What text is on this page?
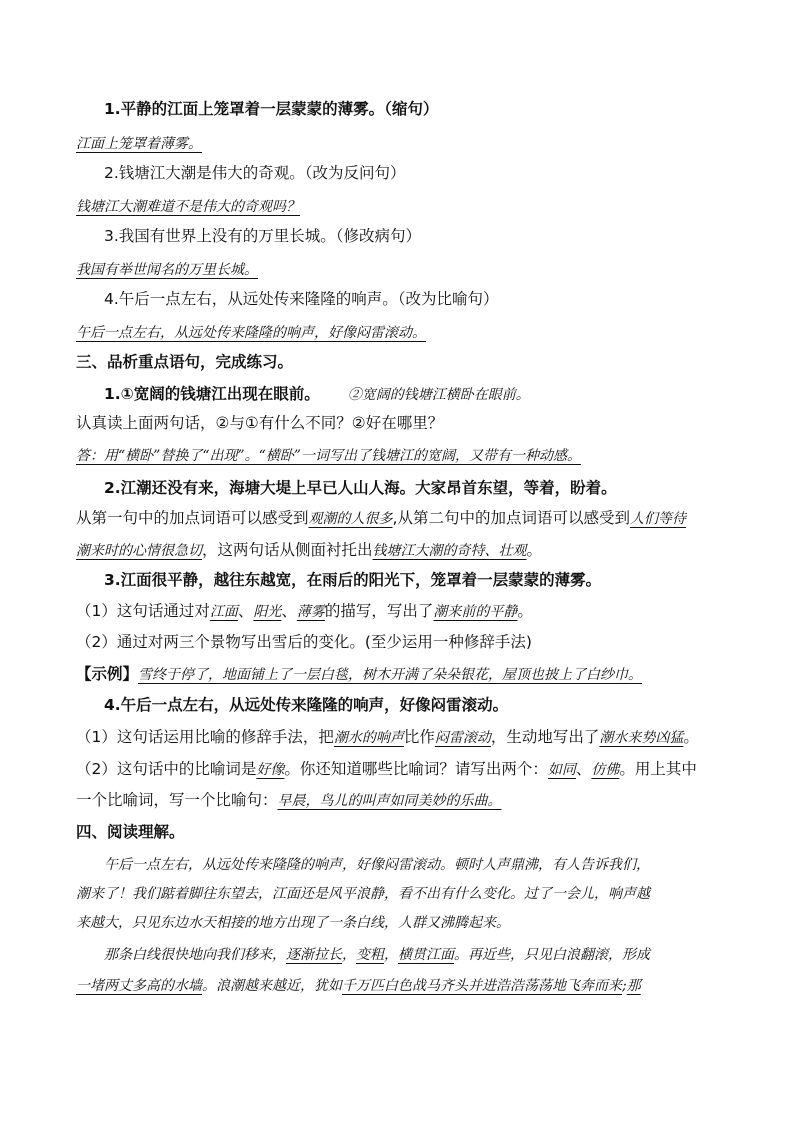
1.平静的江面上笼罩着一层蒙蒙的薄雾。（缩句）
江面上笼罩着薄雾。
2.钱塘江大潮是伟大的奇观。（改为反问句）
钱塘江大潮难道不是伟大的奇观吗？
3.我国有世界上没有的万里长城。（修改病句）
我国有举世闻名的万里长城。
4.午后一点左右，从远处传来隆隆的响声。（改为比喻句）
午后一点左右，从远处传来隆隆的响声，好像闷雷滚动。
三、品析重点语句，完成练习。
1.①宽阔的钱塘江出现在眼前。 ②宽阔的钱塘江横卧在眼前。
认真读上面两句话，②与①有什么不同？②好在哪里？
答：用“横卧”替换了“出现”。“横卧”一词写出了钱塘江的宽阔，又带有一种动感。
2.江潮还没有来，海塘大堤上早已人山人海。大家昂首东望，等着，盼着。
从第一句中的加点词语可以感受到观潮的人很多,从第二句中的加点词语可以感受到人们等待
潮来时的心情很急切，这两句话从侧面衬托出钱塘江大潮的奇特、壮观。
3.江面很平静，越往东越宽，在雨后的阳光下，笼罩着一层蒙蒙的薄雾。
（1）这句话通过对江面、阳光、薄雾的描写，写出了潮来前的平静。
（2）通过对两三个景物写出雪后的变化。(至少运用一种修辞手法)
【示例】雪终于停了，地面铺上了一层白毯，树木开满了朵朵银花，屋顶也披上了白纱巾。
4.午后一点左右，从远处传来隆隆的响声，好像闷雷滚动。
（1）这句话运用比喻的修辞手法，把潮水的响声比作闷雷滚动，生动地写出了潮水来势凶猛。
（2）这句话中的比喻词是好像。你还知道哪些比喻词？请写出两个：如同、仿佛。用上其中
一个比喻词，写一个比喻句：早晨，鸟儿的叫声如同美妙的乐曲。
四、阅读理解。
午后一点左右，从远处传来隆隆的响声，好像闷雷滚动。顿时人声鼎沸，有人告诉我们，
潮来了！我们踮着脚往东望去，江面还是风平浪静，看不出有什么变化。过了一会儿，响声越
来越大，只见东边水天相接的地方出现了一条白线，人群又沸腾起来。
那条白线很快地向我们移来，逐渐拉长，变粗，横贯江面。再近些，只见白浪翻滚，形成
一堵两丈多高的水墙。浪潮越来越近，犹如千万匹白色战马齐头并进浩浩荡荡地飞奔而来;那
